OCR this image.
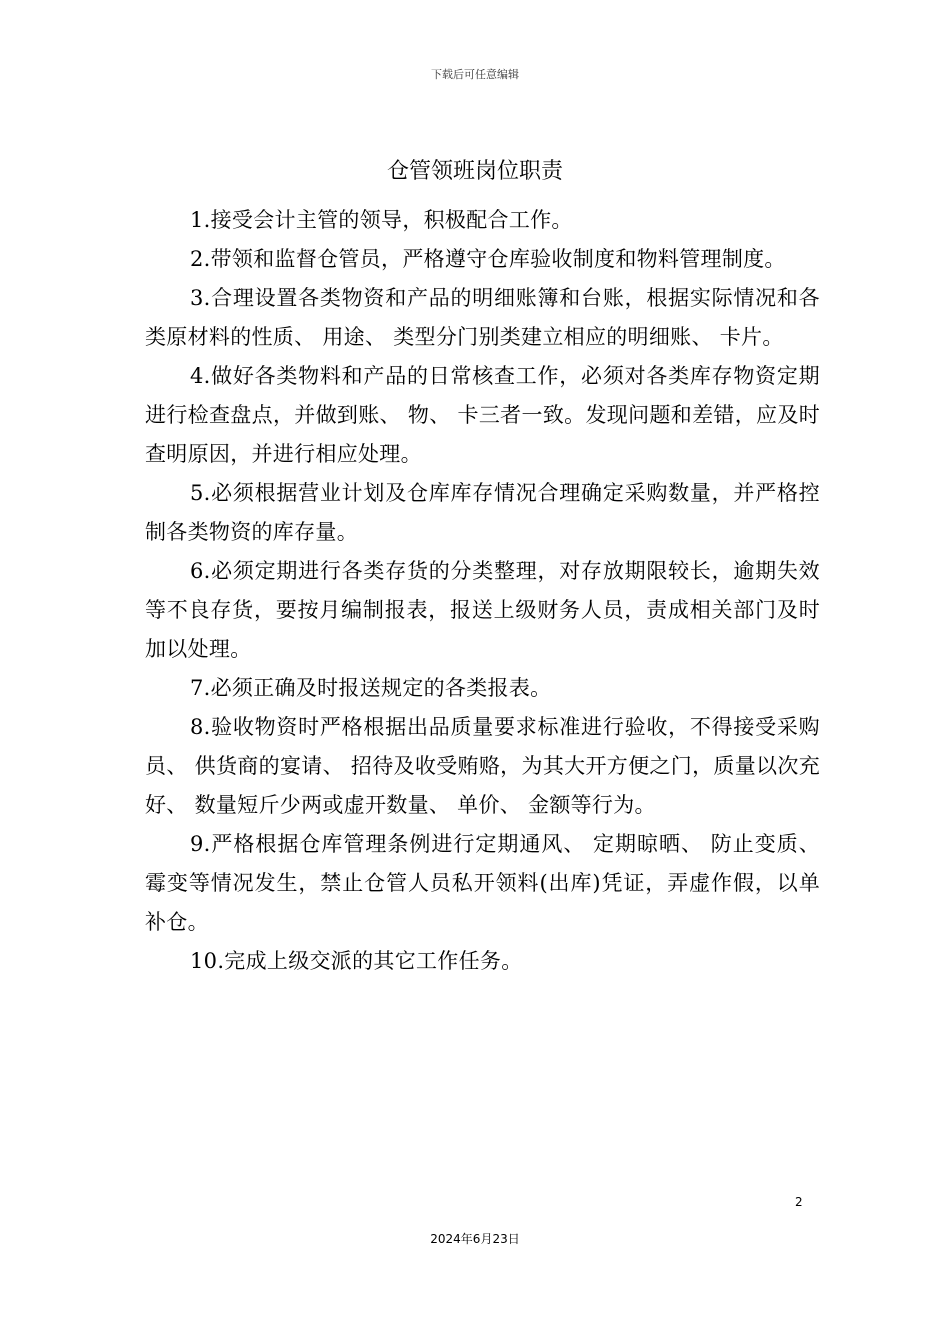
下载后可任意编辑
仓管领班岗位职责

1.接受会计主管的领导，积极配合工作。

2.带领和监督仓管员，严格遵守仓库验收制度和物料管理制度。

3.合理设置各类物资和产品的明细账簿和台账，根据实际情况和各类原材料的性质、 用途、 类型分门别类建立相应的明细账、 卡片。

4.做好各类物料和产品的日常核查工作，必须对各类库存物资定期进行检查盘点，并做到账、 物、 卡三者一致。发现问题和差错，应及时查明原因，并进行相应处理。

5.必须根据营业计划及仓库库存情况合理确定采购数量，并严格控制各类物资的库存量。

6.必须定期进行各类存货的分类整理，对存放期限较长，逾期失效等不良存货，要按月编制报表，报送上级财务人员，责成相关部门及时加以处理。

7.必须正确及时报送规定的各类报表。

8.验收物资时严格根据出品质量要求标准进行验收，不得接受采购员、 供货商的宴请、 招待及收受贿赂，为其大开方便之门，质量以次充好、 数量短斤少两或虚开数量、 单价、 金额等行为。

9.严格根据仓库管理条例进行定期通风、 定期晾晒、 防止变质、 霉变等情况发生，禁止仓管人员私开领料(出库)凭证，弄虚作假，以单补仓。

10.完成上级交派的其它工作任务。

2
2024年6月23日
